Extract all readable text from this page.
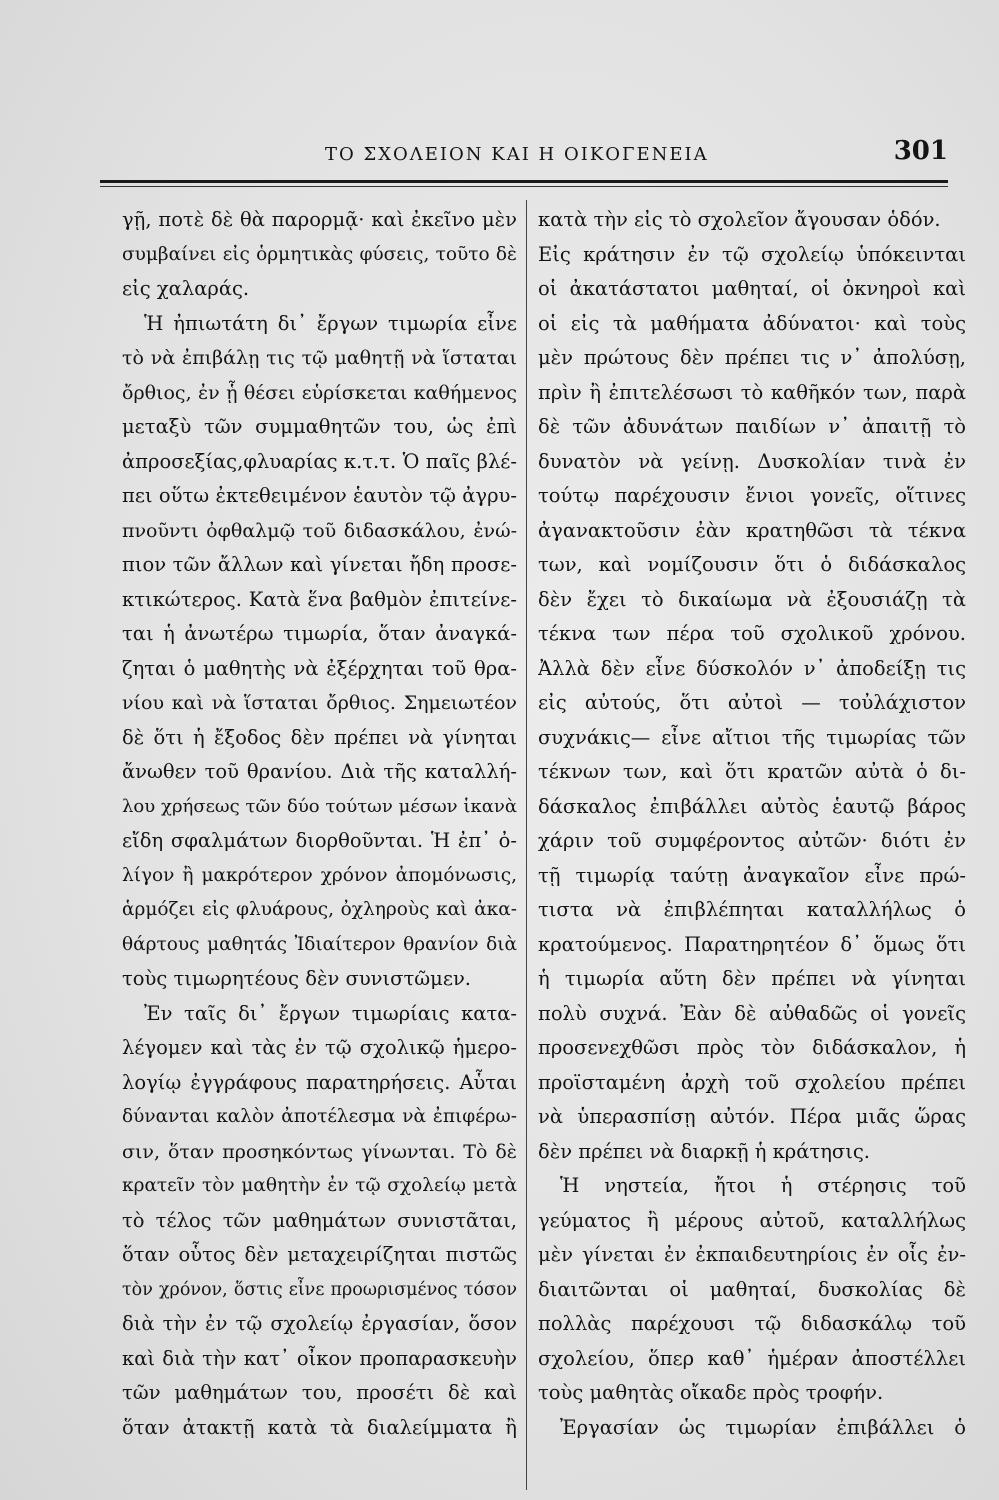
ΤΟ ΣΧΟΛΕΙΟΝ ΚΑΙ Η ΟΙΚΟΓΕΝΕΙΑ	301
γῇ, ποτὲ δὲ θὰ παρορμᾷ· καὶ ἐκεῖνο μὲν
συμβαίνει εἰς ὁρμητικὰς φύσεις, τοῦτο δὲ
εἰς χαλαράς.
Ἡ ἠπιωτάτη δι᾽ ἔργων τιμωρία εἶνε
τὸ νὰ ἐπιβάλῃ τις τῷ μαθητῇ νὰ ἵσταται
ὄρθιος, ἐν ᾗ θέσει εὑρίσκεται καθήμενος
μεταξὺ τῶν συμμαθητῶν του, ὡς ἐπὶ
ἀπροσεξίας,φλυαρίας κ.τ.τ. Ὁ παῖς βλέ-
πει οὕτω ἐκτεθειμένον ἑαυτὸν τῷ ἀγρυ-
πνοῦντι ὀφθαλμῷ τοῦ διδασκάλου, ἐνώ-
πιον τῶν ἄλλων καὶ γίνεται ἤδη προσε-
κτικώτερος. Κατὰ ἕνα βαθμὸν ἐπιτείνε-
ται ἡ ἀνωτέρω τιμωρία, ὅταν ἀναγκά-
ζηται ὁ μαθητὴς νὰ ἐξέρχηται τοῦ θρα-
νίου καὶ νὰ ἵσταται ὄρθιος. Σημειωτέον
δὲ ὅτι ἡ ἔξοδος δὲν πρέπει νὰ γίνηται
ἄνωθεν τοῦ θρανίου. Διὰ τῆς καταλλή-
λου χρήσεως τῶν δύο τούτων μέσων ἱκανὰ
εἴδη σφαλμάτων διορθοῦνται. Ἡ ἐπ᾽ ὀ-
λίγον ἢ μακρότερον χρόνον ἀπομόνωσις,
ἁρμόζει εἰς φλυάρους, ὀχληροὺς καὶ ἀκα-
θάρτους μαθητάς Ἰδιαίτερον θρανίον διὰ
τοὺς τιμωρητέους δὲν συνιστῶμεν.
Ἐν ταῖς δι᾽ ἔργων τιμωρίαις κατα-
λέγομεν καὶ τὰς ἐν τῷ σχολικῷ ἡμερο-
λογίῳ ἐγγράφους παρατηρήσεις. Αὗται
δύνανται καλὸν ἀποτέλεσμα νὰ ἐπιφέρω-
σιν, ὅταν προσηκόντως γίνωνται. Τὸ δὲ
κρατεῖν τὸν μαθητὴν ἐν τῷ σχολείῳ μετὰ
τὸ τέλος τῶν μαθημάτων συνιστᾶται,
ὅταν οὗτος δὲν μεταχειρίζηται πιστῶς
τὸν χρόνον, ὅστις εἶνε προωρισμένος τόσον
διὰ τὴν ἐν τῷ σχολείῳ ἐργασίαν, ὅσον
καὶ διὰ τὴν κατ᾽ οἶκον προπαρασκευὴν
τῶν μαθημάτων του, προσέτι δὲ καὶ
ὅταν ἀτακτῇ κατὰ τὰ διαλείμματα ἢ
κατὰ τὴν εἰς τὸ σχολεῖον ἄγουσαν ὁδόν.
Εἰς κράτησιν ἐν τῷ σχολείῳ ὑπόκεινται
οἱ ἀκατάστατοι μαθηταί, οἱ ὀκνηροὶ καὶ
οἱ εἰς τὰ μαθήματα ἀδύνατοι· καὶ τοὺς
μὲν πρώτους δὲν πρέπει τις ν᾽ ἀπολύσῃ,
πρὶν ἢ ἐπιτελέσωσι τὸ καθῆκόν των, παρὰ
δὲ τῶν ἀδυνάτων παιδίων ν᾽ ἀπαιτῇ τὸ
δυνατὸν νὰ γείνῃ. Δυσκολίαν τινὰ ἐν
τούτῳ παρέχουσιν ἔνιοι γονεῖς, οἵτινες
ἀγανακτοῦσιν ἐὰν κρατηθῶσι τὰ τέκνα
των, καὶ νομίζουσιν ὅτι ὁ διδάσκαλος
δὲν ἔχει τὸ δικαίωμα νὰ ἐξουσιάζῃ τὰ
τέκνα των πέρα τοῦ σχολικοῦ χρόνου.
Ἀλλὰ δὲν εἶνε δύσκολόν ν᾽ ἀποδείξῃ τις
εἰς αὐτούς, ὅτι αὐτοὶ — τοὐλάχιστον
συχνάκις— εἶνε αἴτιοι τῆς τιμωρίας τῶν
τέκνων των, καὶ ὅτι κρατῶν αὐτὰ ὁ δι-
δάσκαλος ἐπιβάλλει αὐτὸς ἑαυτῷ βάρος
χάριν τοῦ συμφέροντος αὐτῶν· διότι ἐν
τῇ τιμωρίᾳ ταύτῃ ἀναγκαῖον εἶνε πρώ-
τιστα νὰ ἐπιβλέπηται καταλλήλως ὁ
κρατούμενος. Παρατηρητέον δ᾽ ὅμως ὅτι
ἡ τιμωρία αὕτη δὲν πρέπει νὰ γίνηται
πολὺ συχνά. Ἐὰν δὲ αὐθαδῶς οἱ γονεῖς
προσενεχθῶσι πρὸς τὸν διδάσκαλον, ἡ
προϊσταμένη ἀρχὴ τοῦ σχολείου πρέπει
νὰ ὑπερασπίσῃ αὐτόν. Πέρα μιᾶς ὥρας
δὲν πρέπει νὰ διαρκῇ ἡ κράτησις.
Ἡ νηστεία, ἤτοι ἡ στέρησις τοῦ
γεύματος ἢ μέρους αὐτοῦ, καταλλήλως
μὲν γίνεται ἐν ἐκπαιδευτηρίοις ἐν οἷς ἐν-
διαιτῶνται οἱ μαθηταί, δυσκολίας δὲ
πολλὰς παρέχουσι τῷ διδασκάλῳ τοῦ
σχολείου, ὅπερ καθ᾽ ἡμέραν ἀποστέλλει
τοὺς μαθητὰς οἴκαδε πρὸς τροφήν.
Ἐργασίαν ὡς τιμωρίαν ἐπιβάλλει ὁ
